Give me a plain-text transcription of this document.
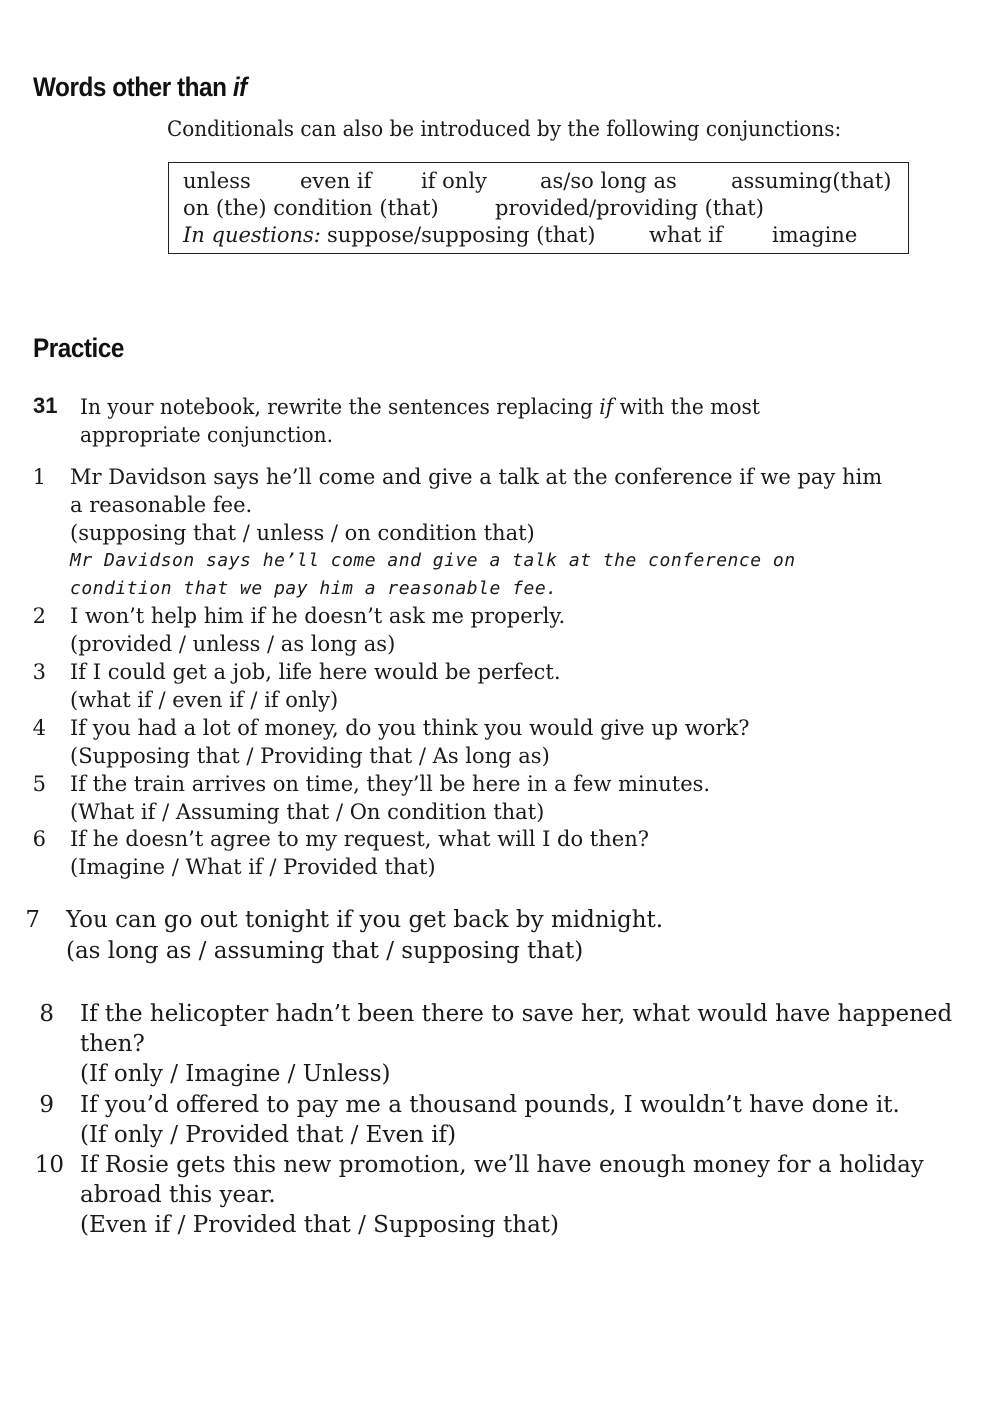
Words other than if

Conditionals can also be introduced by the following conjunctions:

unless even if if only	as/so long as	assuming(that)
on (the) condition (that)	provided/providing (that)
In questions: suppose/supposing (that)	what if imagine
Practice
31 In your notebook, rewrite the sentences replacing if with the most
appropriate conjunction.
1 Mr Davidson says he’ll come and give a talk at the conference if we pay him
a reasonable fee.
(supposing that / unless / on condition that)
Mr Davidson says he’ll come and give a talk at the conference on
condition that we pay him a reasonable fee.
2 I won’t help him if he doesn’t ask me properly.
(provided / unless / as long as)
3 If I could get a job, life here would be perfect.
(what if / even if / if only)
4 If you had a lot of money, do you think you would give up work?
(Supposing that / Providing that / As long as)
5 If the train arrives on time, they’ll be here in a few minutes.
(What if / Assuming that / On condition that)
6 If he doesn’t agree to my request, what will I do then?
(Imagine / What if / Provided that)
7 You can go out tonight if you get back by midnight.
(as long as / assuming that / supposing that)
8 If the helicopter hadn’t been there to save her, what would have happened
then?
(If only / Imagine / Unless)
9 If you’d offered to pay me a thousand pounds, I wouldn’t have done it.
(If only / Provided that / Even if)
10 If Rosie gets this new promotion, we’ll have enough money for a holiday
abroad this year.
(Even if / Provided that / Supposing that)
